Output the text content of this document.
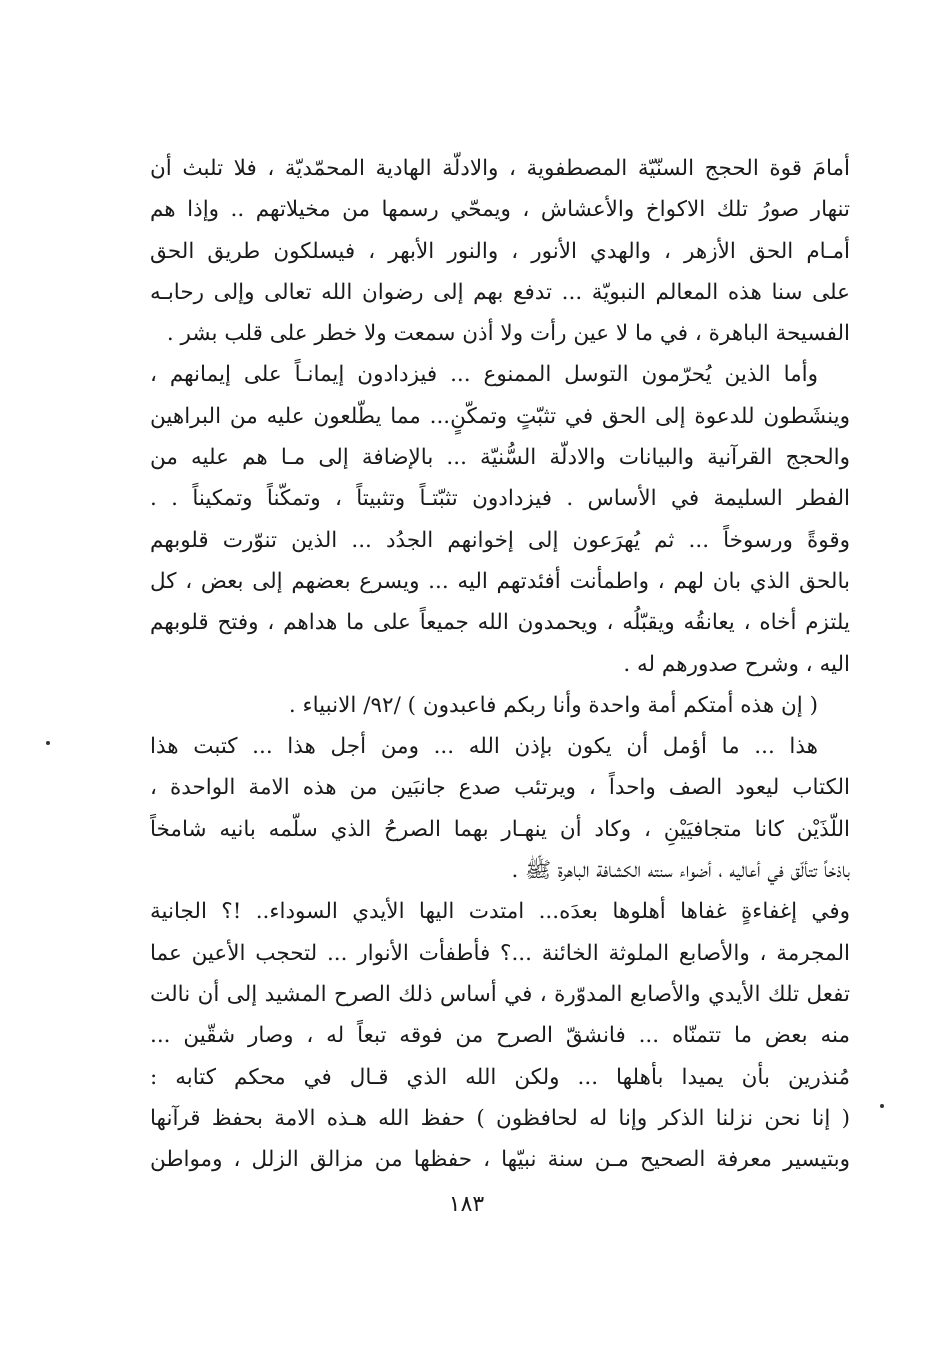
أمامَ قوة الحجج السنّيّة المصطفوية ، والادلّة الهادية المحمّديّة ، فلا تلبث أن
تنهار صورُ تلك الاكواخ والأعشاش ، ويمحّي رسمها من مخيلاتهم .. وإذا هم
أمـام الحق الأزهر ، والهدي الأنور ، والنور الأبهر ، فيسلكون طريق الحق
على سنا هذه المعالم النبويّة ... تدفع بهم إلى رضوان الله تعالى وإلى رحابـه
الفسيحة الباهرة ، في ما لا عين رأت ولا أذن سمعت ولا خطر على قلب بشر .
وأما الذين يُحرّمون التوسل الممنوع ... فيزدادون إيمانـاً على إيمانهم ،
وينشَطون للدعوة إلى الحق في تثبّتٍ وتمكّنٍ... مما يطّلعون عليه من البراهين
والحجج القرآنية والبيانات والادلّة السُّنيّة ... بالإضافة إلى مـا هم عليه من
الفطر السليمة في الأساس . فيزدادون تثبّتـاً وتثبيتاً ، وتمكّناً وتمكيناً . .
وقوةً ورسوخاً ... ثم يُهرَعون إلى إخوانهم الجدُد ... الذين تنوّرت قلوبهم
بالحق الذي بان لهم ، واطمأنت أفئدتهم اليه ... ويسرع بعضهم إلى بعض ، كل
يلتزم أخاه ، يعانقُه ويقبّلُه ، ويحمدون الله جميعاً على ما هداهم ، وفتح قلوبهم
اليه ، وشرح صدورهم له .
( إن هذه أمتكم أمة واحدة وأنا ربكم فاعبدون ) /٩٢/ الانبياء .
هذا ... ما أؤمل أن يكون بإذن الله ... ومن أجل هذا ... كتبت هذا
الكتاب ليعود الصف واحداً ، ويرتئب صدع جانبَين من هذه الامة الواحدة ،
اللّذَيْن كانا متجافيَيْنِ ، وكاد أن ينهـار بهما الصرحُ الذي سلّمه بانيه شامخاً
باذخاً تتألّق في أعاليه ، أضواء سنته الكشافة الباهرة ﷺ .
وفي إغفاءةٍ غفاها أهلوها بعدَه... امتدت اليها الأيدي السوداء.. !؟ الجانية
المجرمة ، والأصابع الملوثة الخائنة ...؟ فأطفأت الأنوار ... لتحجب الأعين عما
تفعل تلك الأيدي والأصابع المدوّرة ، في أساس ذلك الصرح المشيد إلى أن نالت
منه بعض ما تتمنّاه ... فانشقّ الصرح من فوقه تبعاً له ، وصار شقّين ...
مُنذرين بأن يميدا بأهلها ... ولكن الله الذي قـال في محكم كتابه :
( إنا نحن نزلنا الذكر وإنا له لحافظون ) حفظ الله هـذه الامة بحفظ قرآنها
وبتيسير معرفة الصحيح مـن سنة نبيّها ، حفظها من مزالق الزلل ، ومواطن
١٨٣
